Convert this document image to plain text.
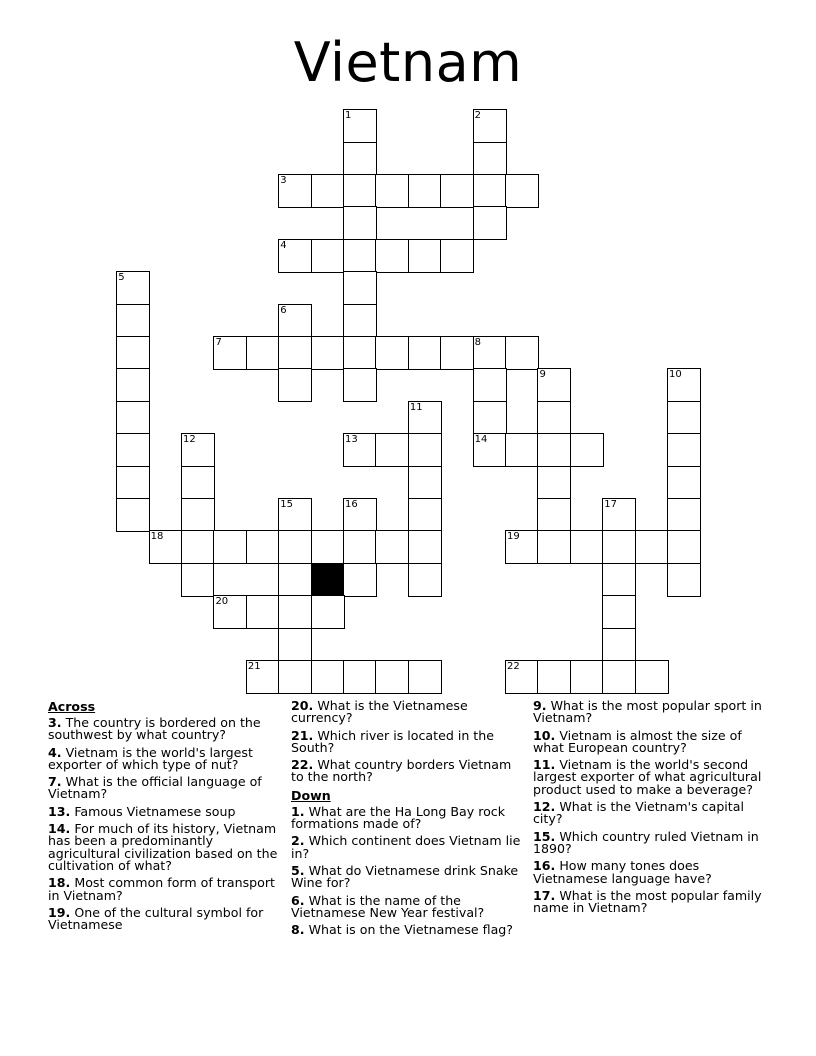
Vietnam
1	2
3
4
5
6
7	8
9	10
11
12	13	14
15	16	17
18	19
20
21	22
Across
3. The country is bordered on the southwest by what country?
4. Vietnam is the world's largest exporter of which type of nut?
7. What is the official language of Vietnam?
13. Famous Vietnamese soup
14. For much of its history, Vietnam has been a predominantly agricultural civilization based on the cultivation of what?
18. Most common form of transport in Vietnam?
19. One of the cultural symbol for Vietnamese
20. What is the Vietnamese currency?
21. Which river is located in the South?
22. What country borders Vietnam to the north?
Down
1. What are the Ha Long Bay rock formations made of?
2. Which continent does Vietnam lie in?
5. What do Vietnamese drink Snake Wine for?
6. What is the name of the Vietnamese New Year festival?
8. What is on the Vietnamese flag?
9. What is the most popular sport in Vietnam?
10. Vietnam is almost the size of what European country?
11. Vietnam is the world's second largest exporter of what agricultural product used to make a beverage?
12. What is the Vietnam's capital city?
15. Which country ruled Vietnam in 1890?
16. How many tones does Vietnamese language have?
17. What is the most popular family name in Vietnam?
